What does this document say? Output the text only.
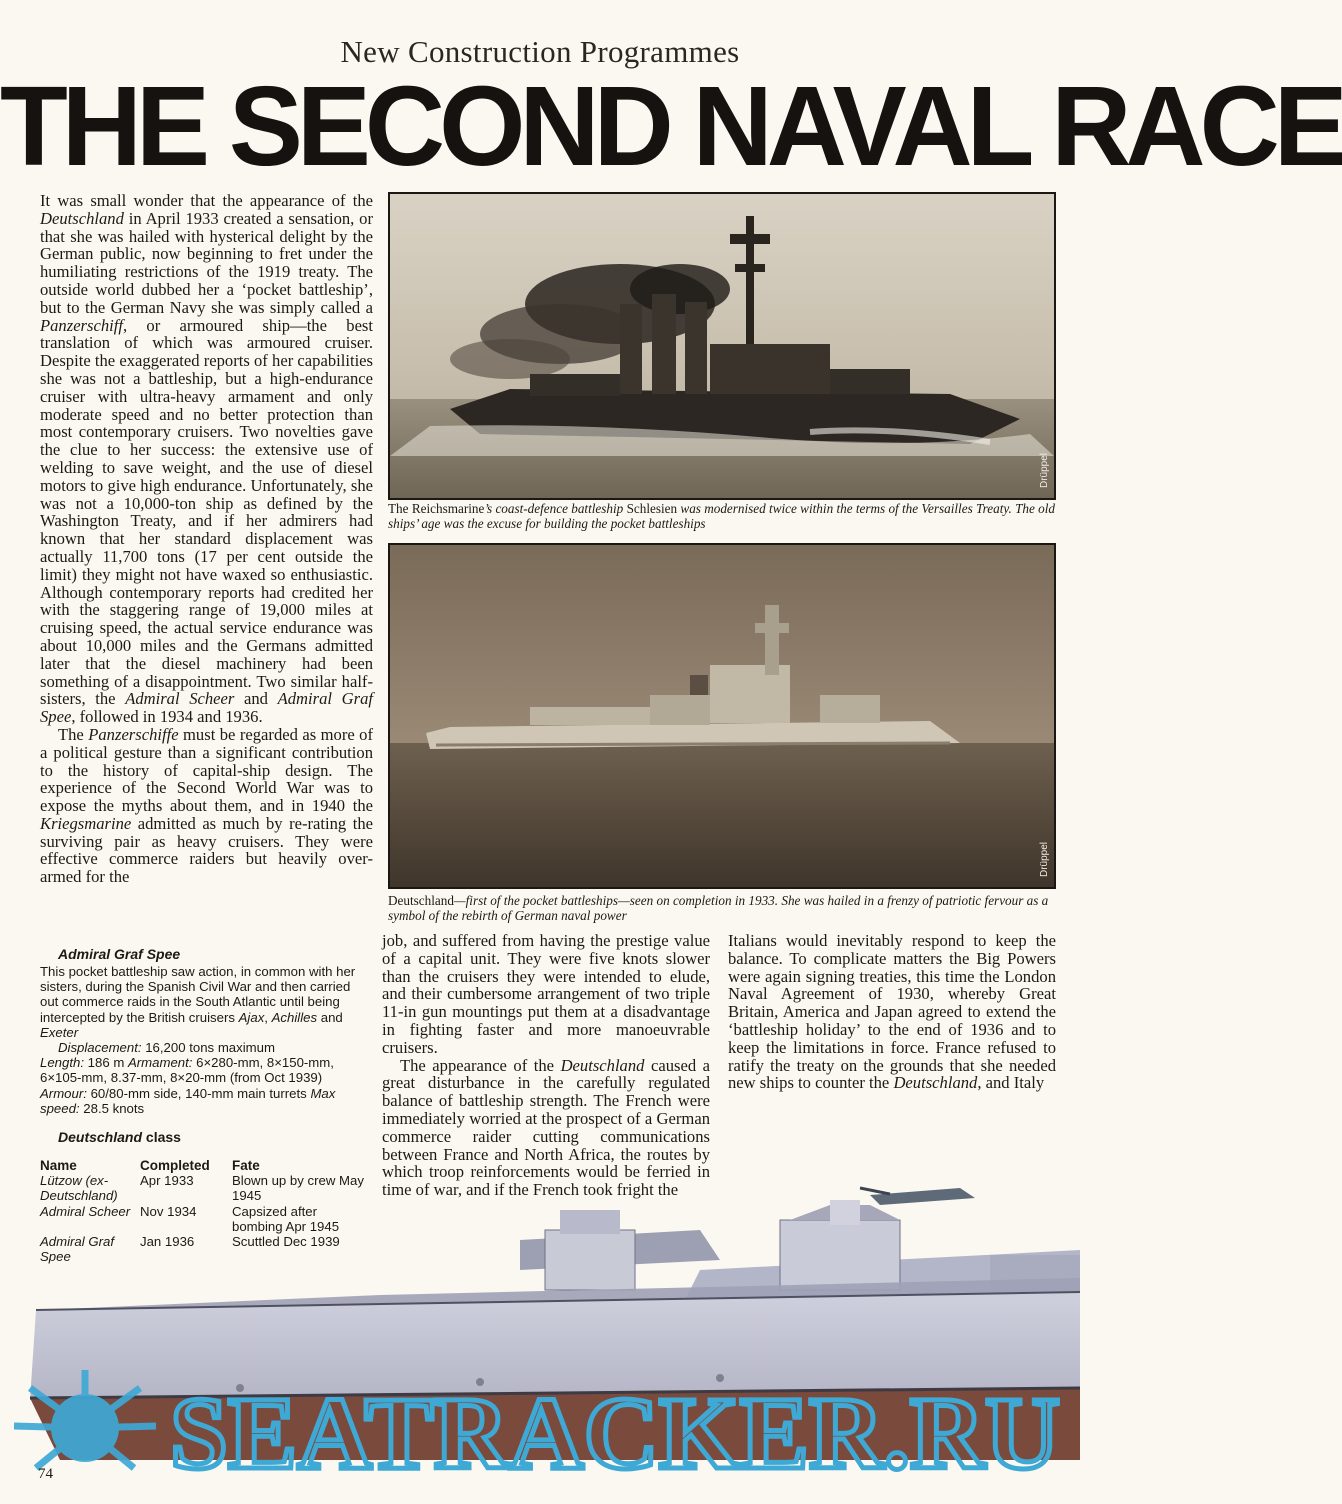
New Construction Programmes
THE SECOND NAVAL RACE

It was small wonder that the appearance of the Deutschland in April 1933 created a sensation, or that she was hailed with hysterical delight by the German public, now beginning to fret under the humiliating restrictions of the 1919 treaty. The outside world dubbed her a ‘pocket battleship’, but to the German Navy she was simply called a Panzerschiff, or armoured ship—the best translation of which was armoured cruiser. Despite the exaggerated reports of her capabilities she was not a battleship, but a high-endurance cruiser with ultra-heavy armament and only moderate speed and no better protection than most contemporary cruisers. Two novelties gave the clue to her success: the extensive use of welding to save weight, and the use of diesel motors to give high endurance. Unfortunately, she was not a 10,000-ton ship as defined by the Washington Treaty, and if her admirers had known that her standard displacement was actually 11,700 tons (17 per cent outside the limit) they might not have waxed so enthusiastic. Although contemporary reports had credited her with the staggering range of 19,000 miles at cruising speed, the actual service endurance was about 10,000 miles and the Germans admitted later that the diesel machinery had been something of a disappointment. Two similar half-sisters, the Admiral Scheer and Admiral Graf Spee, followed in 1934 and 1936.

The Panzerschiffe must be regarded as more of a political gesture than a significant contribution to the history of capital-ship design. The experience of the Second World War was to expose the myths about them, and in 1940 the Kriegsmarine admitted as much by re-rating the surviving pair as heavy cruisers. They were effective commerce raiders but heavily over-armed for the

Drüppel
The Reichsmarine’s coast-defence battleship Schlesien was modernised twice within the terms of the Versailles Treaty. The old ships’ age was the excuse for building the pocket battleships
Drüppel
Deutschland—first of the pocket battleships—seen on completion in 1933. She was hailed in a frenzy of patriotic fervour as a symbol of the rebirth of German naval power
Admiral Graf Spee
This pocket battleship saw action, in common with her sisters, during the Spanish Civil War and then carried out commerce raids in the South Atlantic until being intercepted by the British cruisers Ajax, Achilles and Exeter
Displacement: 16,200 tons maximum
Length: 186 m Armament: 6×280-mm, 8×150-mm, 6×105-mm, 8.37-mm, 8×20-mm (from Oct 1939) Armour: 60/80-mm side, 140-mm main turrets Max speed: 28.5 knots
Deutschland class
Name	Completed	Fate
Lützow (ex-Deutschland)	Apr 1933	Blown up by crew May 1945
Admiral Scheer	Nov 1934	Capsized after bombing Apr 1945
Admiral Graf Spee	Jan 1936	Scuttled Dec 1939

job, and suffered from having the prestige value of a capital unit. They were five knots slower than the cruisers they were intended to elude, and their cumbersome arrangement of two triple 11-in gun mountings put them at a disadvantage in fighting faster and more manoeuvrable cruisers.

The appearance of the Deutschland caused a great disturbance in the carefully regulated balance of battleship strength. The French were immediately worried at the prospect of a German commerce raider cutting communications between France and North Africa, the routes by which troop reinforcements would be ferried in time of war, and if the French took fright the

Italians would inevitably respond to keep the balance. To complicate matters the Big Powers were again signing treaties, this time the London Naval Agreement of 1930, whereby Great Britain, America and Japan agreed to extend the ‘battleship holiday’ to the end of 1936 and to keep the limitations in force. France refused to ratify the treaty on the grounds that she needed new ships to counter the Deutschland, and Italy

SEATRACKER.RU
74
